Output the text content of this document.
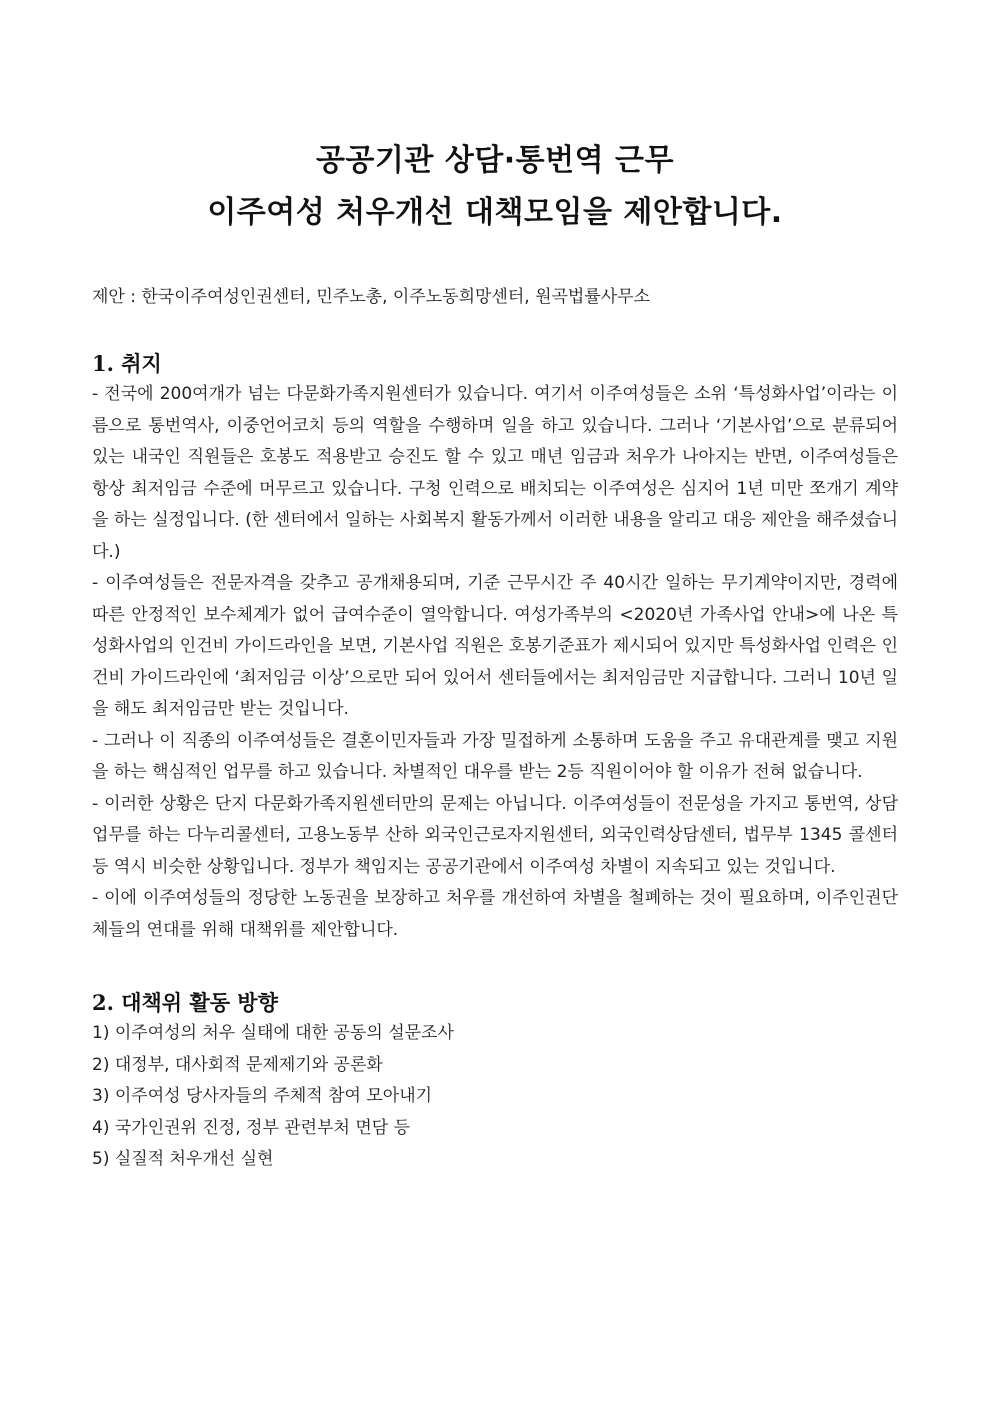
공공기관 상담·통번역 근무
이주여성 처우개선 대책모임을 제안합니다.

제안 : 한국이주여성인권센터, 민주노총, 이주노동희망센터, 원곡법률사무소

1. 취지

- 전국에 200여개가 넘는 다문화가족지원센터가 있습니다. 여기서 이주여성들은 소위 ‘특성화사업’이라는 이름으로 통번역사, 이중언어코치 등의 역할을 수행하며 일을 하고 있습니다. 그러나 ‘기본사업’으로 분류되어 있는 내국인 직원들은 호봉도 적용받고 승진도 할 수 있고 매년 임금과 처우가 나아지는 반면, 이주여성들은 항상 최저임금 수준에 머무르고 있습니다. 구청 인력으로 배치되는 이주여성은 심지어 1년 미만 쪼개기 계약을 하는 실정입니다. (한 센터에서 일하는 사회복지 활동가께서 이러한 내용을 알리고 대응 제안을 해주셨습니다.)

- 이주여성들은 전문자격을 갖추고 공개채용되며, 기준 근무시간 주 40시간 일하는 무기계약이지만, 경력에 따른 안정적인 보수체계가 없어 급여수준이 열악합니다. 여성가족부의 <2020년 가족사업 안내>에 나온 특성화사업의 인건비 가이드라인을 보면, 기본사업 직원은 호봉기준표가 제시되어 있지만 특성화사업 인력은 인건비 가이드라인에 ‘최저임금 이상’으로만 되어 있어서 센터들에서는 최저임금만 지급합니다. 그러니 10년 일을 해도 최저임금만 받는 것입니다.

- 그러나 이 직종의 이주여성들은 결혼이민자들과 가장 밀접하게 소통하며 도움을 주고 유대관계를 맺고 지원을 하는 핵심적인 업무를 하고 있습니다. 차별적인 대우를 받는 2등 직원이어야 할 이유가 전혀 없습니다.

- 이러한 상황은 단지 다문화가족지원센터만의 문제는 아닙니다. 이주여성들이 전문성을 가지고 통번역, 상담 업무를 하는 다누리콜센터, 고용노동부 산하 외국인근로자지원센터, 외국인력상담센터, 법무부 1345 콜센터 등 역시 비슷한 상황입니다. 정부가 책임지는 공공기관에서 이주여성 차별이 지속되고 있는 것입니다.

- 이에 이주여성들의 정당한 노동권을 보장하고 처우를 개선하여 차별을 철폐하는 것이 필요하며, 이주인권단체들의 연대를 위해 대책위를 제안합니다.

2. 대책위 활동 방향
1) 이주여성의 처우 실태에 대한 공동의 설문조사
2) 대정부, 대사회적 문제제기와 공론화
3) 이주여성 당사자들의 주체적 참여 모아내기
4) 국가인권위 진정, 정부 관련부처 면담 등
5) 실질적 처우개선 실현
